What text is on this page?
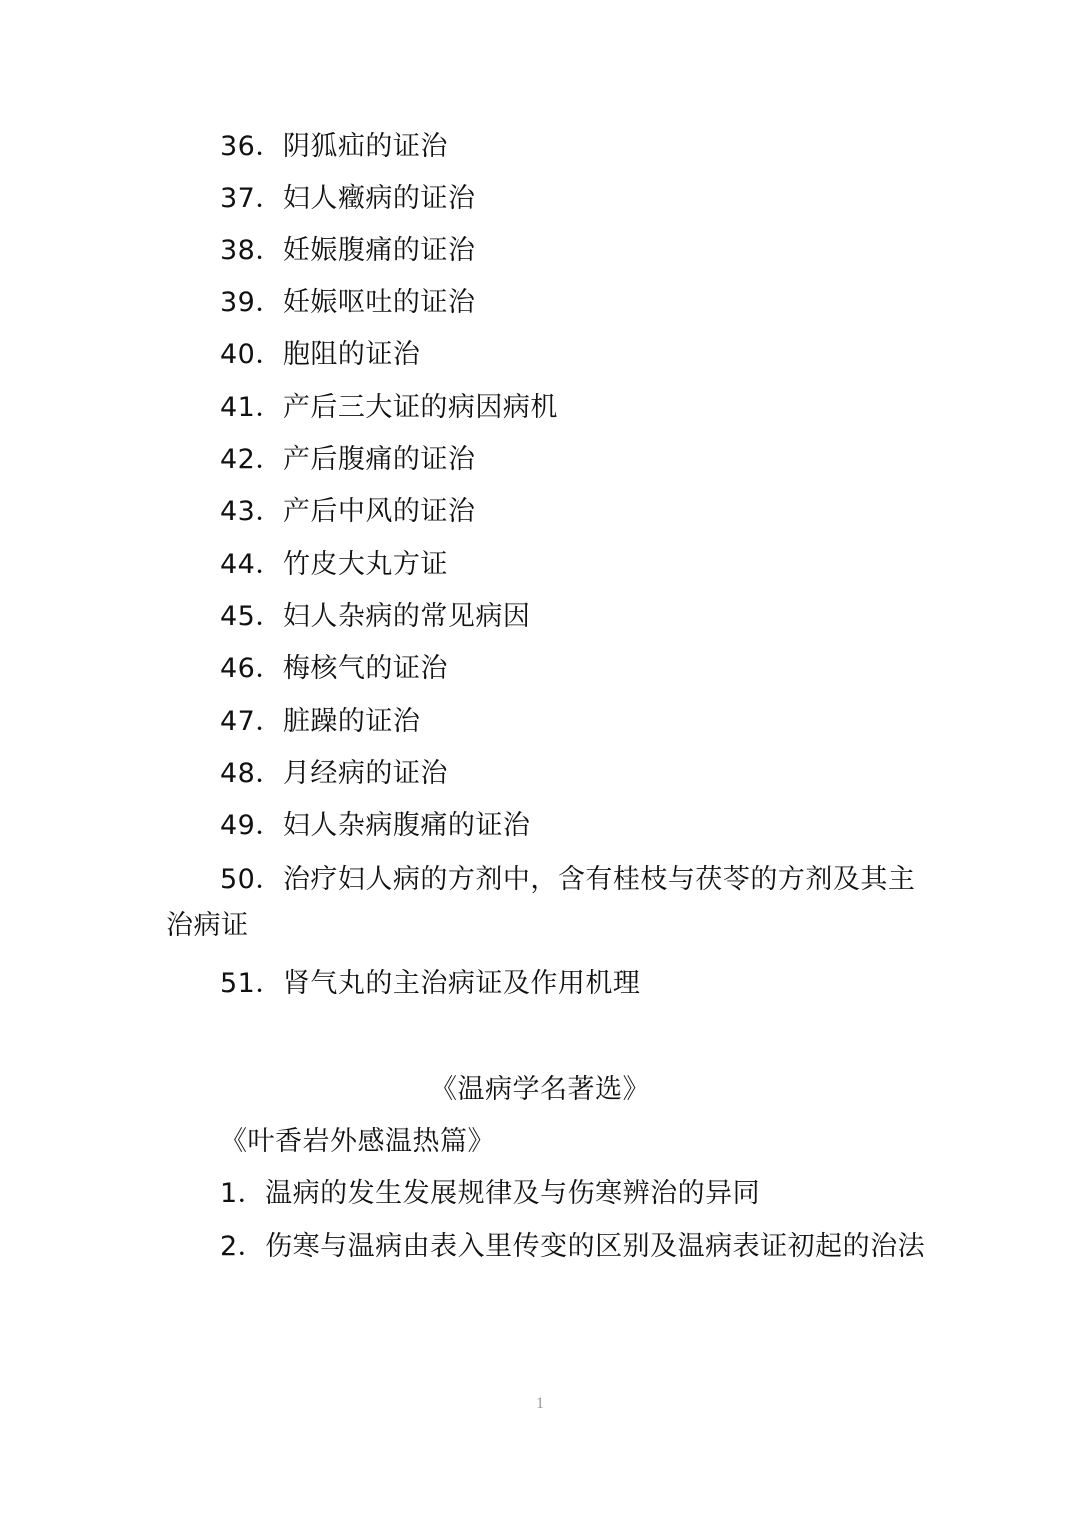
36．阴狐疝的证治
37．妇人癥病的证治
38．妊娠腹痛的证治
39．妊娠呕吐的证治
40．胞阻的证治
41．产后三大证的病因病机
42．产后腹痛的证治
43．产后中风的证治
44．竹皮大丸方证
45．妇人杂病的常见病因
46．梅核气的证治
47．脏躁的证治
48．月经病的证治
49．妇人杂病腹痛的证治
50．治疗妇人病的方剂中，含有桂枝与茯苓的方剂及其主治病证
51．肾气丸的主治病证及作用机理
《温病学名著选》
《叶香岩外感温热篇》
1．温病的发生发展规律及与伤寒辨治的异同
2．伤寒与温病由表入里传变的区别及温病表证初起的治法
1
